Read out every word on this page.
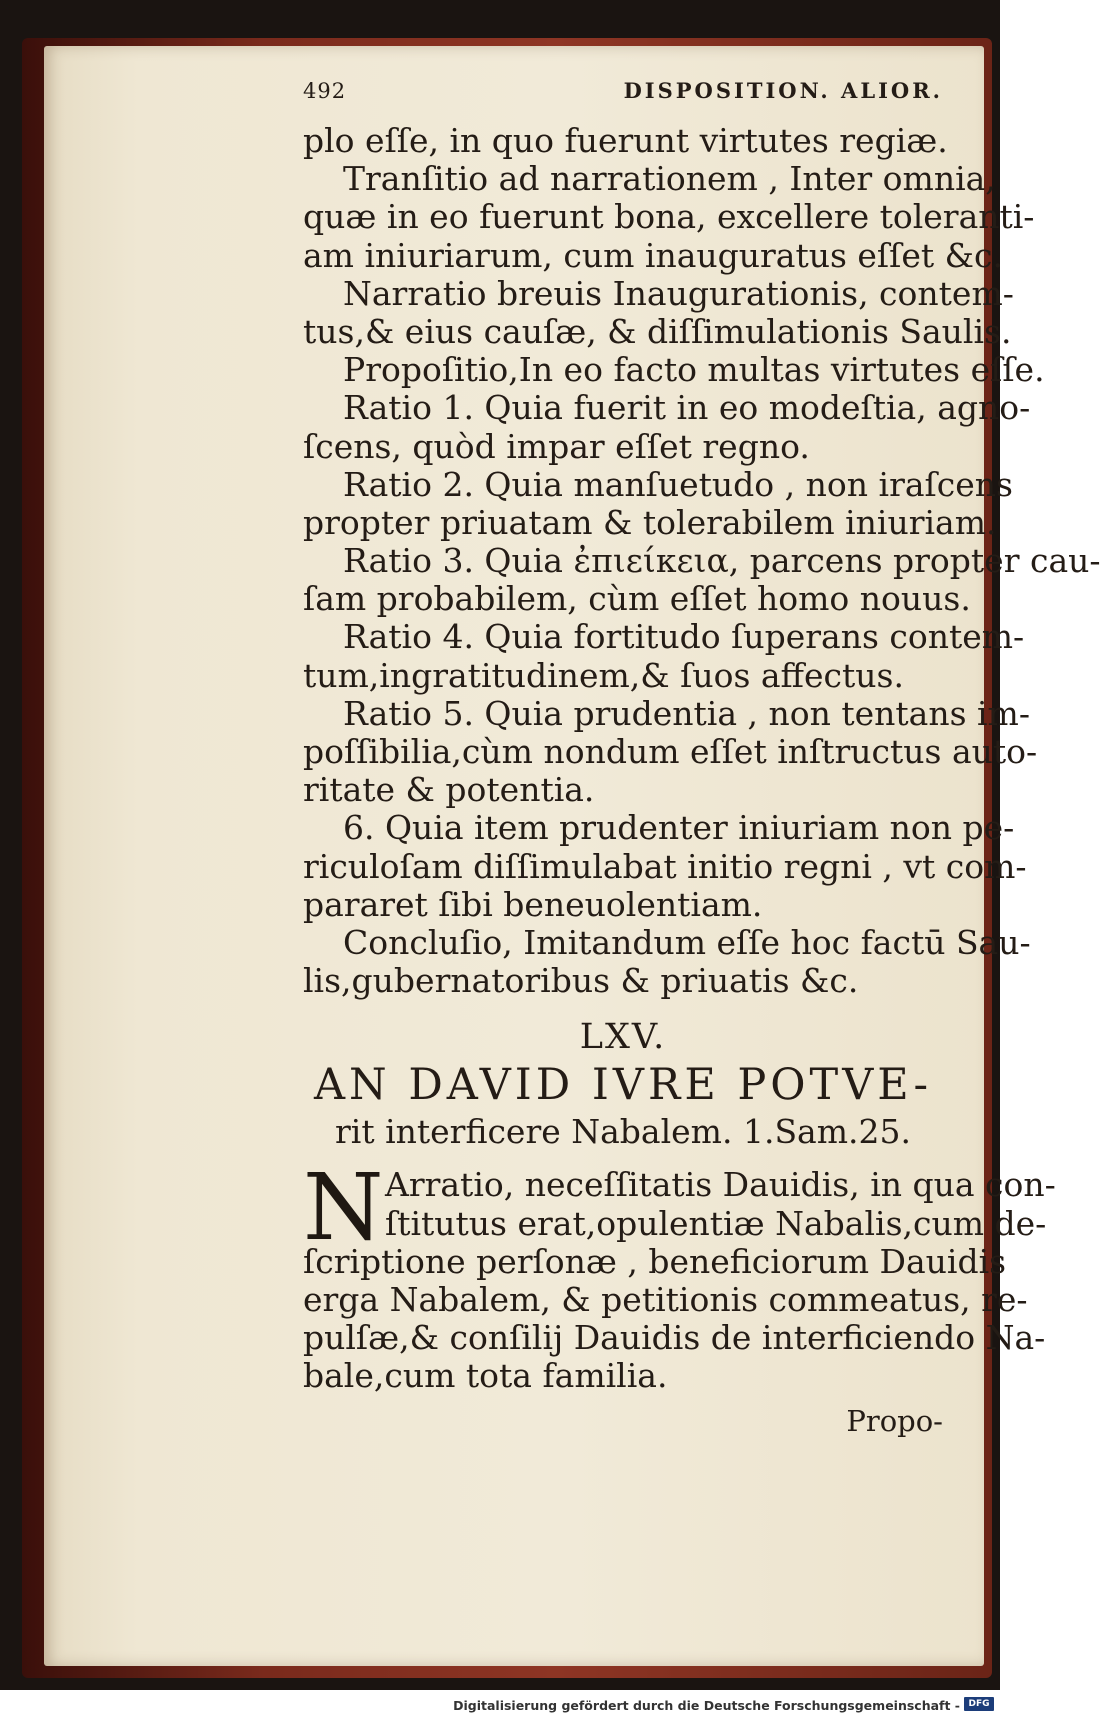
492	DISPOSITION. ALIOR.
plo eſſe, in quo fuerunt virtutes regiæ.
Tranſitio ad narrationem , Inter omnia,
quæ in eo fuerunt bona, excellere toleranti-
am iniuriarum, cum inauguratus eſſet &c.
Narratio breuis Inaugurationis, contem-
tus,& eius cauſæ, & diſſimulationis Saulis.
Propoſitio,In eo facto multas virtutes eſſe.
Ratio 1. Quia fuerit in eo modeſtia, agno-
ſcens, quòd impar eſſet regno.
Ratio 2. Quia manſuetudo , non iraſcens
propter priuatam & tolerabilem iniuriam.
Ratio 3. Quia ἐπιείκεια, parcens propter cau-
ſam probabilem, cùm eſſet homo nouus.
Ratio 4. Quia fortitudo ſuperans contem-
tum,ingratitudinem,& ſuos affectus.
Ratio 5. Quia prudentia , non tentans im-
poſſibilia,cùm nondum eſſet inſtructus auto-
ritate & potentia.
6. Quia item prudenter iniuriam non pe-
riculoſam diſſimulabat initio regni , vt com-
pararet ſibi beneuolentiam.
Concluſio, Imitandum eſſe hoc factū Sau-
lis,gubernatoribus & priuatis &c.
LXV.
AN DAVID IVRE POTVE-
rit interficere Nabalem. 1.Sam.25.
N Arratio, neceſſitatis Dauidis, in qua con-
ſtitutus erat,opulentiæ Nabalis,cum de-
ſcriptione perſonæ , beneficiorum Dauidis
erga Nabalem, & petitionis commeatus, re-
pulſæ,& conſilij Dauidis de interficiendo Na-
bale,cum tota familia.
Propo-
Digitalisierung gefördert durch die Deutsche Forschungsgemeinschaft - DFG
